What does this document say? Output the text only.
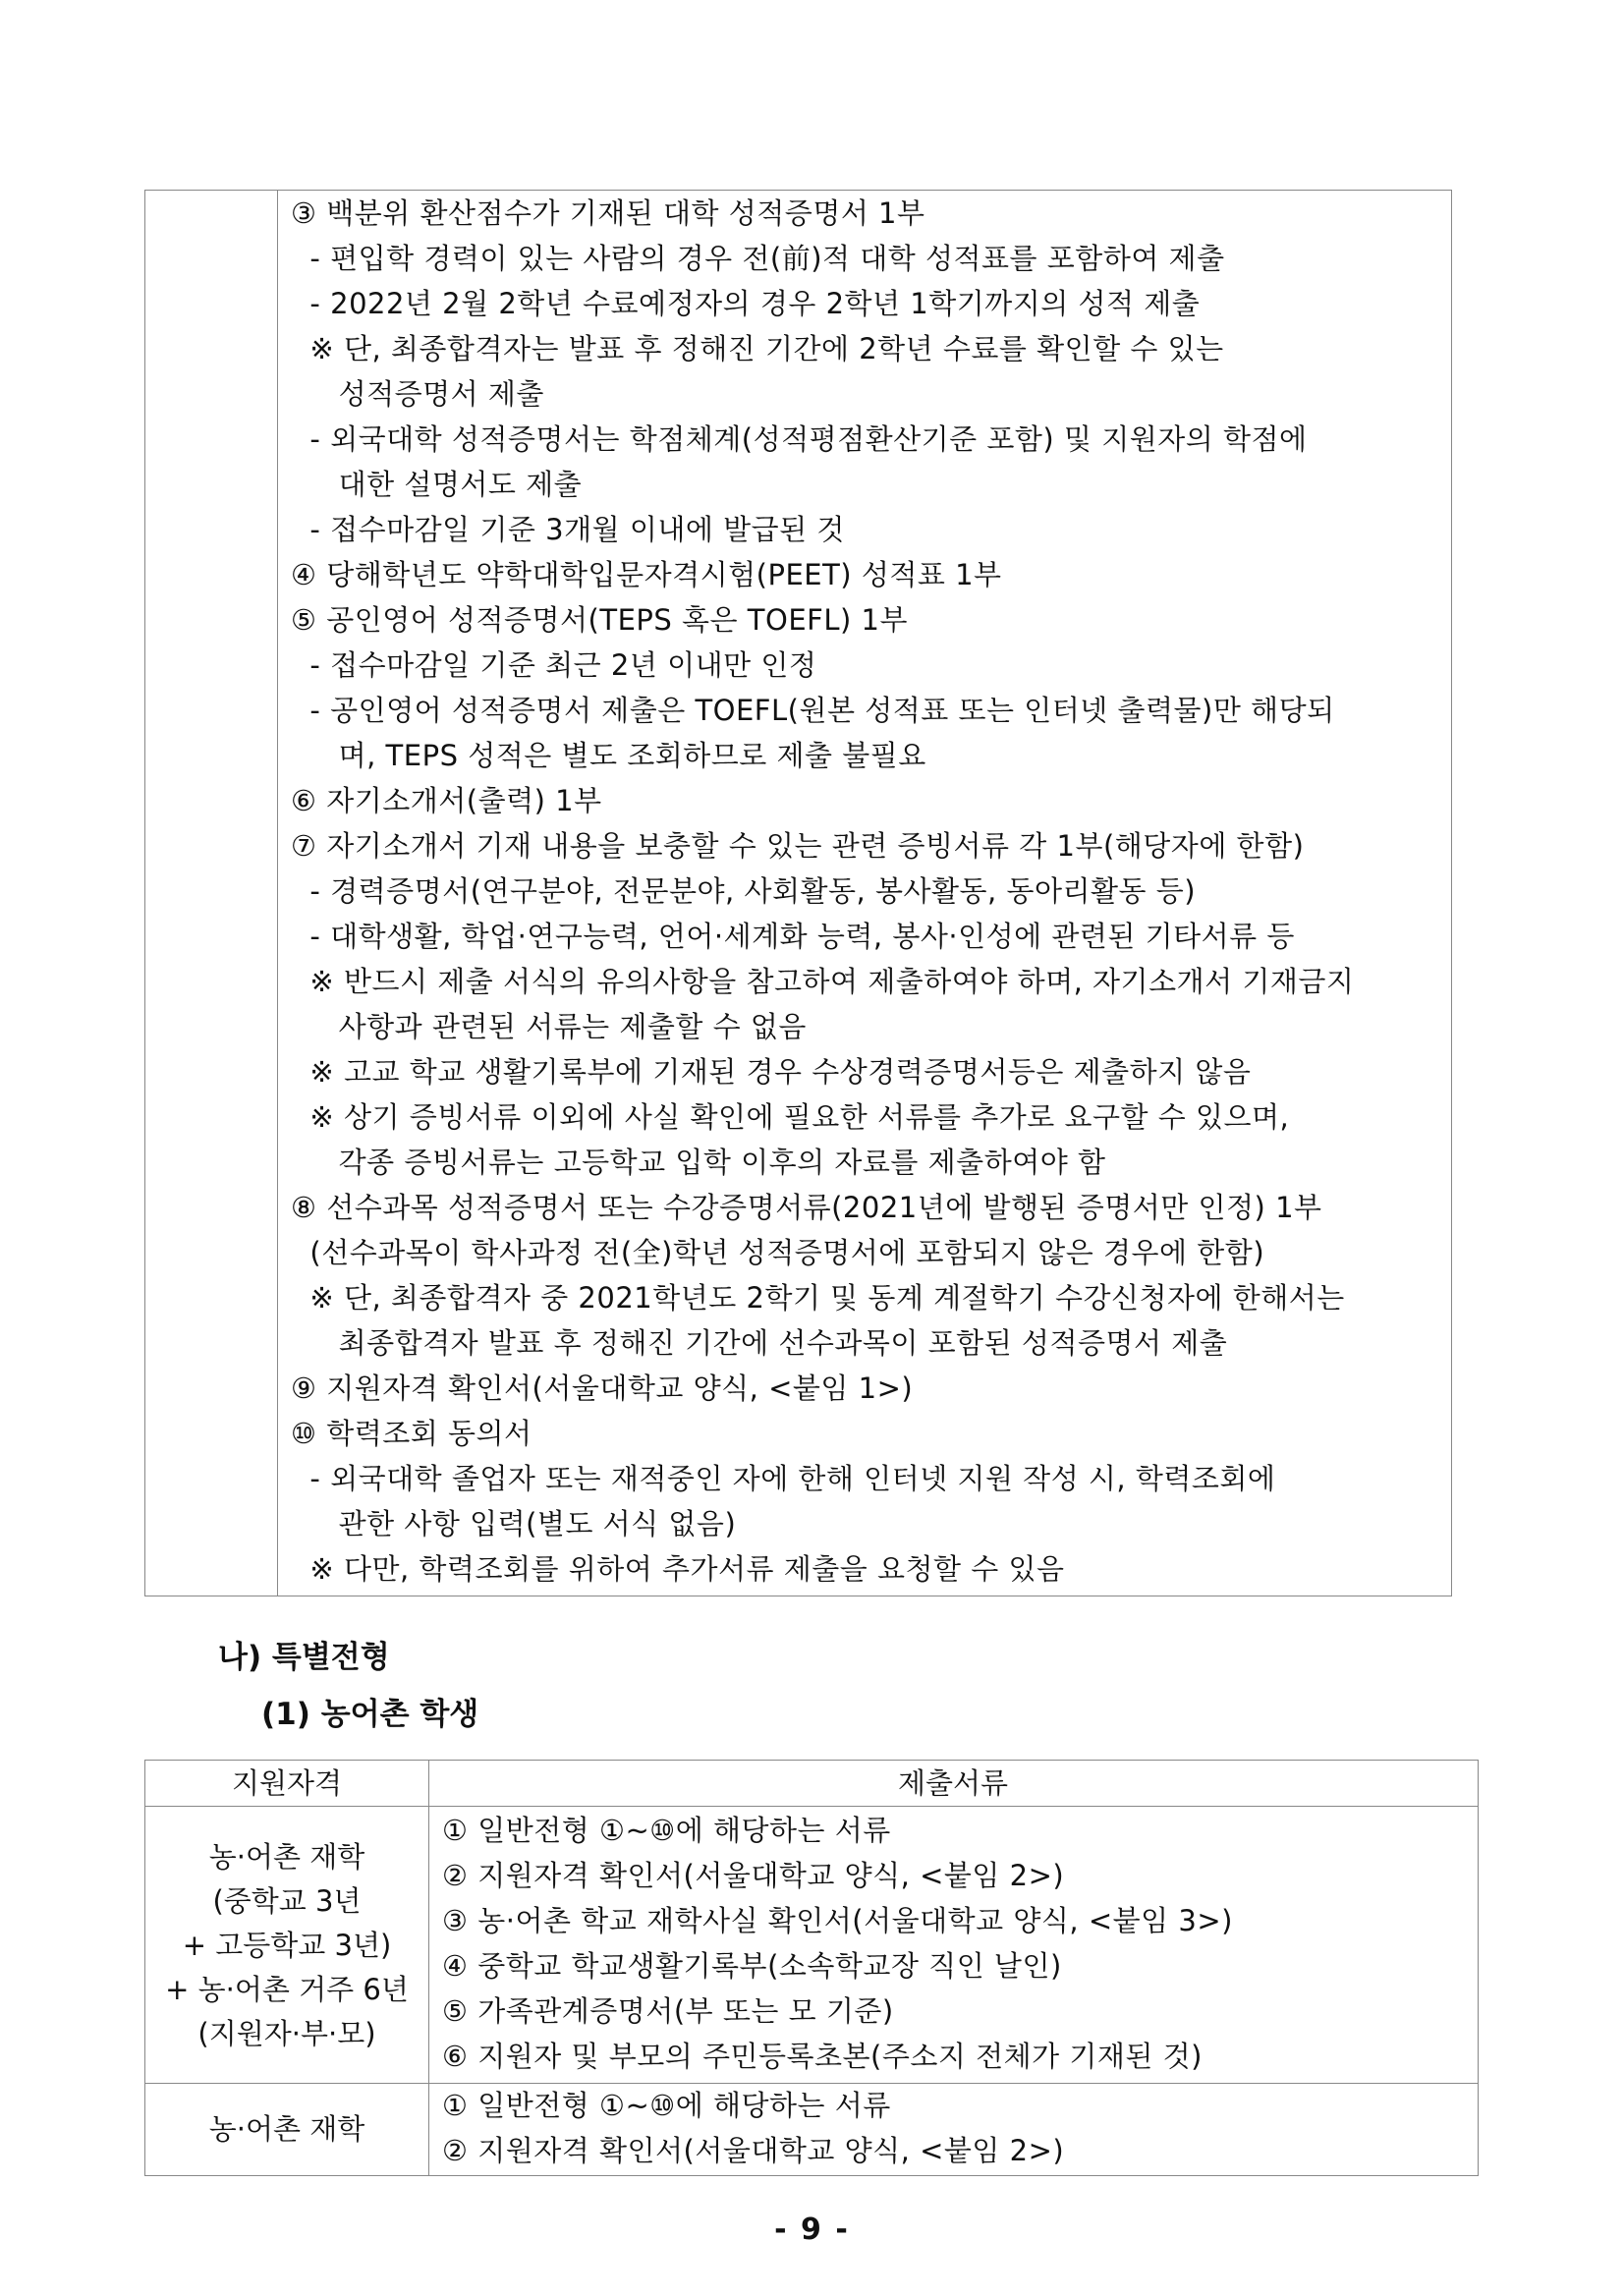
③ 백분위 환산점수가 기재된 대학 성적증명서 1부
- 편입학 경력이 있는 사람의 경우 전(前)적 대학 성적표를 포함하여 제출
- 2022년 2월 2학년 수료예정자의 경우 2학년 1학기까지의 성적 제출
※ 단, 최종합격자는 발표 후 정해진 기간에 2학년 수료를 확인할 수 있는
성적증명서 제출
- 외국대학 성적증명서는 학점체계(성적평점환산기준 포함) 및 지원자의 학점에
대한 설명서도 제출
- 접수마감일 기준 3개월 이내에 발급된 것
④ 당해학년도 약학대학입문자격시험(PEET) 성적표 1부
⑤ 공인영어 성적증명서(TEPS 혹은 TOEFL) 1부
- 접수마감일 기준 최근 2년 이내만 인정
- 공인영어 성적증명서 제출은 TOEFL(원본 성적표 또는 인터넷 출력물)만 해당되
며, TEPS 성적은 별도 조회하므로 제출 불필요
⑥ 자기소개서(출력) 1부
⑦ 자기소개서 기재 내용을 보충할 수 있는 관련 증빙서류 각 1부(해당자에 한함)
- 경력증명서(연구분야, 전문분야, 사회활동, 봉사활동, 동아리활동 등)
- 대학생활, 학업·연구능력, 언어·세계화 능력, 봉사·인성에 관련된 기타서류 등
※ 반드시 제출 서식의 유의사항을 참고하여 제출하여야 하며, 자기소개서 기재금지
사항과 관련된 서류는 제출할 수 없음
※ 고교 학교 생활기록부에 기재된 경우 수상경력증명서등은 제출하지 않음
※ 상기 증빙서류 이외에 사실 확인에 필요한 서류를 추가로 요구할 수 있으며,
각종 증빙서류는 고등학교 입학 이후의 자료를 제출하여야 함
⑧ 선수과목 성적증명서 또는 수강증명서류(2021년에 발행된 증명서만 인정) 1부
(선수과목이 학사과정 전(全)학년 성적증명서에 포함되지 않은 경우에 한함)
※ 단, 최종합격자 중 2021학년도 2학기 및 동계 계절학기 수강신청자에 한해서는
최종합격자 발표 후 정해진 기간에 선수과목이 포함된 성적증명서 제출
⑨ 지원자격 확인서(서울대학교 양식, <붙임 1>)
⑩ 학력조회 동의서
- 외국대학 졸업자 또는 재적중인 자에 한해 인터넷 지원 작성 시, 학력조회에
관한 사항 입력(별도 서식 없음)
※ 다만, 학력조회를 위하여 추가서류 제출을 요청할 수 있음
나) 특별전형
(1) 농어촌 학생
지원자격	제출서류
농·어촌 재학
(중학교 3년
+ 고등학교 3년)
+ 농·어촌 거주 6년
(지원자·부·모)
① 일반전형 ①~⑩에 해당하는 서류
② 지원자격 확인서(서울대학교 양식, <붙임 2>)
③ 농·어촌 학교 재학사실 확인서(서울대학교 양식, <붙임 3>)
④ 중학교 학교생활기록부(소속학교장 직인 날인)
⑤ 가족관계증명서(부 또는 모 기준)
⑥ 지원자 및 부모의 주민등록초본(주소지 전체가 기재된 것)
농·어촌 재학
① 일반전형 ①~⑩에 해당하는 서류
② 지원자격 확인서(서울대학교 양식, <붙임 2>)
- 9 -
